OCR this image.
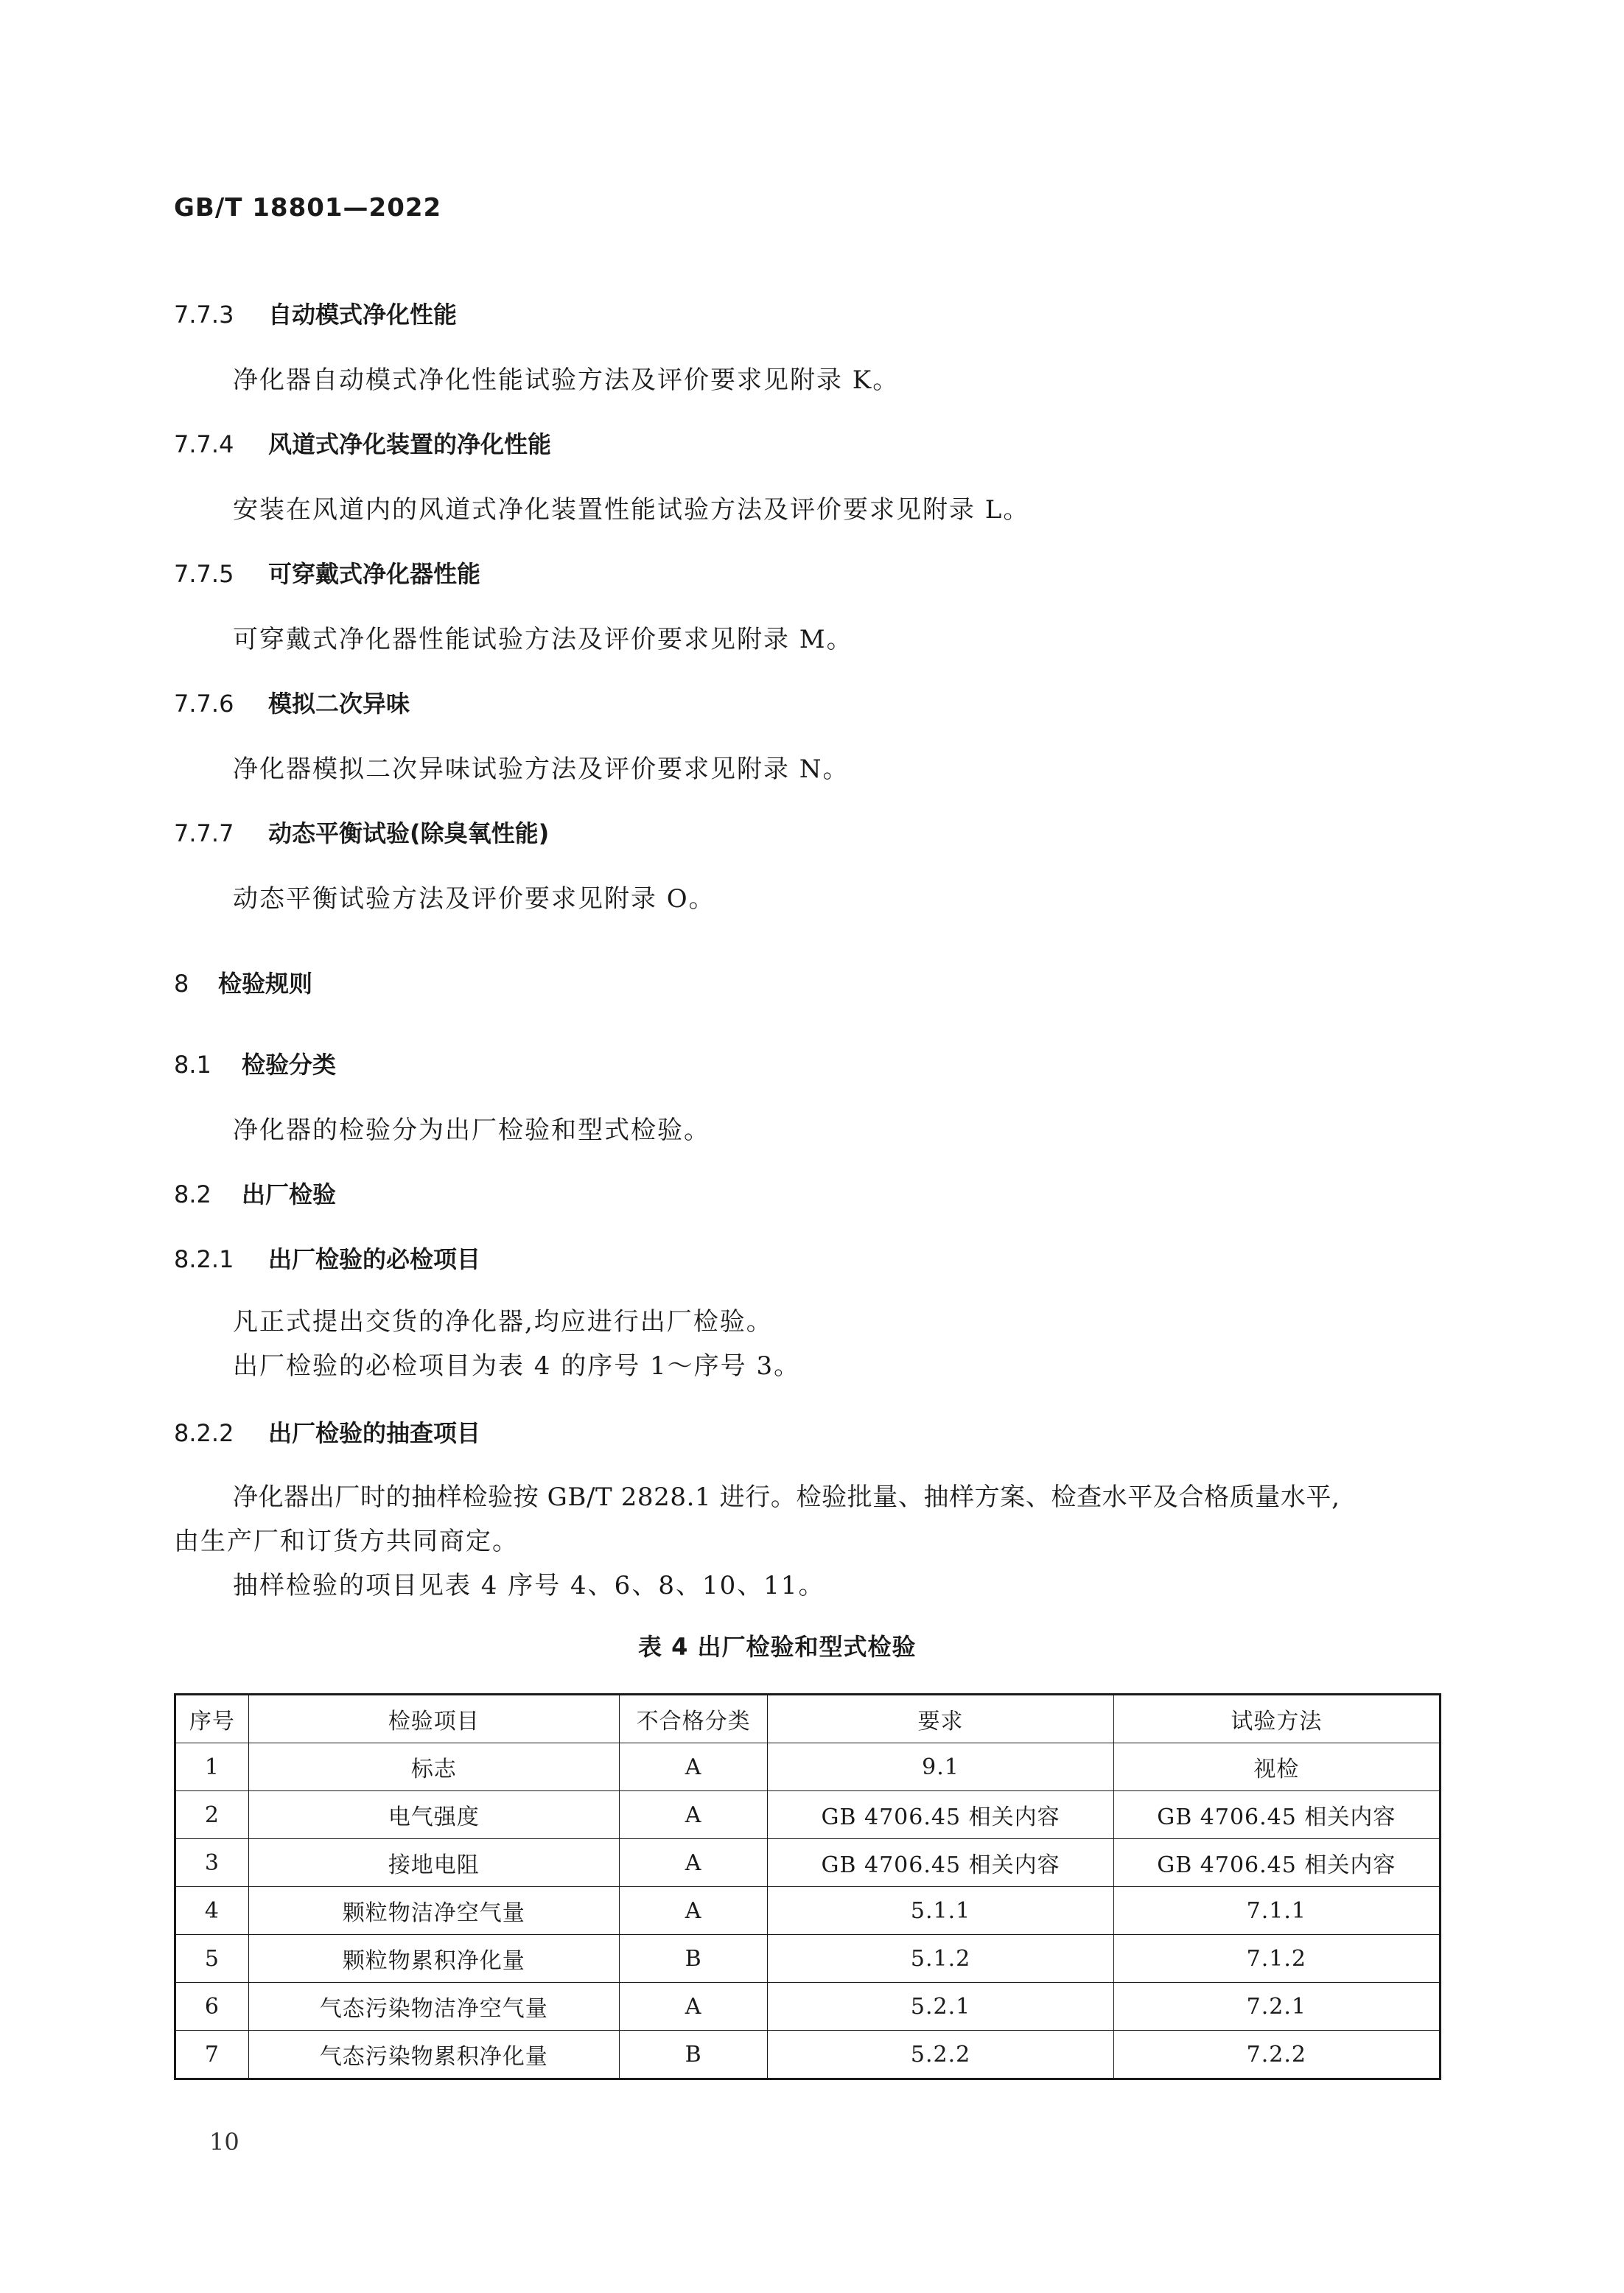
GB/T 18801—2022
7.7.3 自动模式净化性能
净化器自动模式净化性能试验方法及评价要求见附录 K。
7.7.4 风道式净化装置的净化性能
安装在风道内的风道式净化装置性能试验方法及评价要求见附录 L。
7.7.5 可穿戴式净化器性能
可穿戴式净化器性能试验方法及评价要求见附录 M。
7.7.6 模拟二次异味
净化器模拟二次异味试验方法及评价要求见附录 N。
7.7.7 动态平衡试验(除臭氧性能)
动态平衡试验方法及评价要求见附录 O。
8 检验规则
8.1 检验分类
净化器的检验分为出厂检验和型式检验。
8.2 出厂检验
8.2.1 出厂检验的必检项目
凡正式提出交货的净化器,均应进行出厂检验。
出厂检验的必检项目为表 4 的序号 1～序号 3。
8.2.2 出厂检验的抽查项目
净化器出厂时的抽样检验按 GB/T 2828.1 进行。检验批量、抽样方案、检查水平及合格质量水平,
由生产厂和订货方共同商定。
抽样检验的项目见表 4 序号 4、6、8、10、11。
表 4 出厂检验和型式检验
序号	检验项目	不合格分类	要求	试验方法
1	标志	A	9.1	视检
2	电气强度	A	GB 4706.45 相关内容	GB 4706.45 相关内容
3	接地电阻	A	GB 4706.45 相关内容	GB 4706.45 相关内容
4	颗粒物洁净空气量	A	5.1.1	7.1.1
5	颗粒物累积净化量	B	5.1.2	7.1.2
6	气态污染物洁净空气量	A	5.2.1	7.2.1
7	气态污染物累积净化量	B	5.2.2	7.2.2
10
